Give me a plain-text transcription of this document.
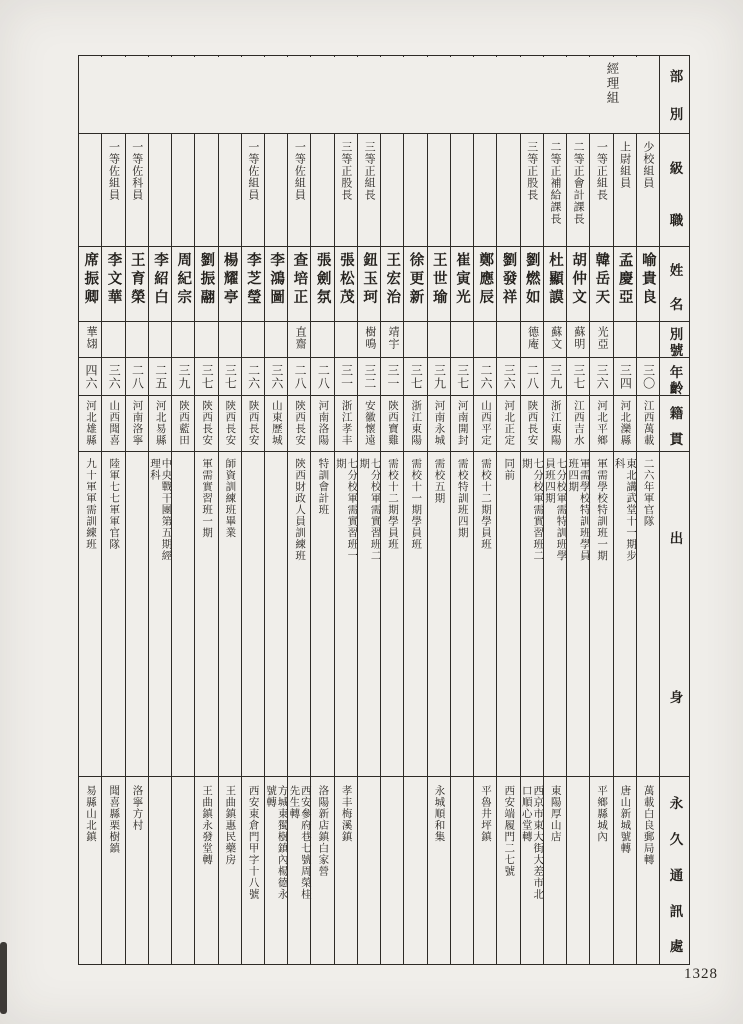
部
別
級
職
姓
名
別
號
年
齡
籍
貫
出
身
永
久
通
訊
處
經理組
少校組員
喻貴良
三〇
江西萬載
二六年軍官隊
萬載白良郵局轉
上尉組員
孟慶亞
三四
河北灤縣
東北講武堂十一期步科
唐山新城號轉
一等正組長
韓岳天
光亞
三六
河北平鄉
軍需學校特訓班一期
平鄉縣城內
二等正會計課長
胡仲文
蘇明
三七
江西吉水
軍需學校特訓班學員班四期
二等正補給課長
杜顯謨
蘇文
三九
浙江東陽
七分校軍需特訓班學員班四期
東陽厚山店
三等正股長
劉燃如
德庵
二八
陝西長安
七分校軍需實習班二期
西京市東大街大差市北口順心堂轉
劉發祥
三六
河北正定
同前
西安端履門二七號
鄭應辰
二六
山西平定
需校十二期學員班
平魯井坪鎮
崔寅光
三七
河南開封
需校特訓班四期
王世瑜
三九
河南永城
需校五期
永城順和集
徐更新
三七
浙江東陽
需校十一期學員班
王宏治
靖宇
三一
陝西寶雞
需校十二期學員班
三等正組長
鈕玉珂
樹鳴
三二
安徽懷遠
七分校軍需實習班二期
三等正股長
張松茂
三一
浙江孝丰
七分校軍需實習班一期
孝丰梅溪鎮
張劍氛
二八
河南洛陽
特訓會計班
洛陽新店鎮白家營
一等佐組員
查培正
直齋
二八
陝西長安
陝西財政人員訓練班
西安參府巷七號周榮桂先生轉
李鴻圖
三六
山東歷城
方城東獨樹鎮內楊德永號轉
一等佐組員
李芝瑩
二六
陝西長安
西安東倉門甲字十八號
楊耀亭
三七
陝西長安
師資訓練班畢業
王曲鎮惠民藥房
劉振翮
三七
陝西長安
軍需實習班一期
王曲鎮永發堂轉
周紀宗
三九
陝西藍田
李紹白
二五
河北易縣
中央戰干團第五期經理科
一等佐科員
王育榮
二八
河南洛寧
洛寧方村
一等佐組員
李文華
三六
山西聞喜
陸軍七七軍軍官隊
聞喜縣栗樹鎮
席振卿
華翃
四六
河北雄縣
九十軍軍需訓練班
易縣山北鎮
1328
